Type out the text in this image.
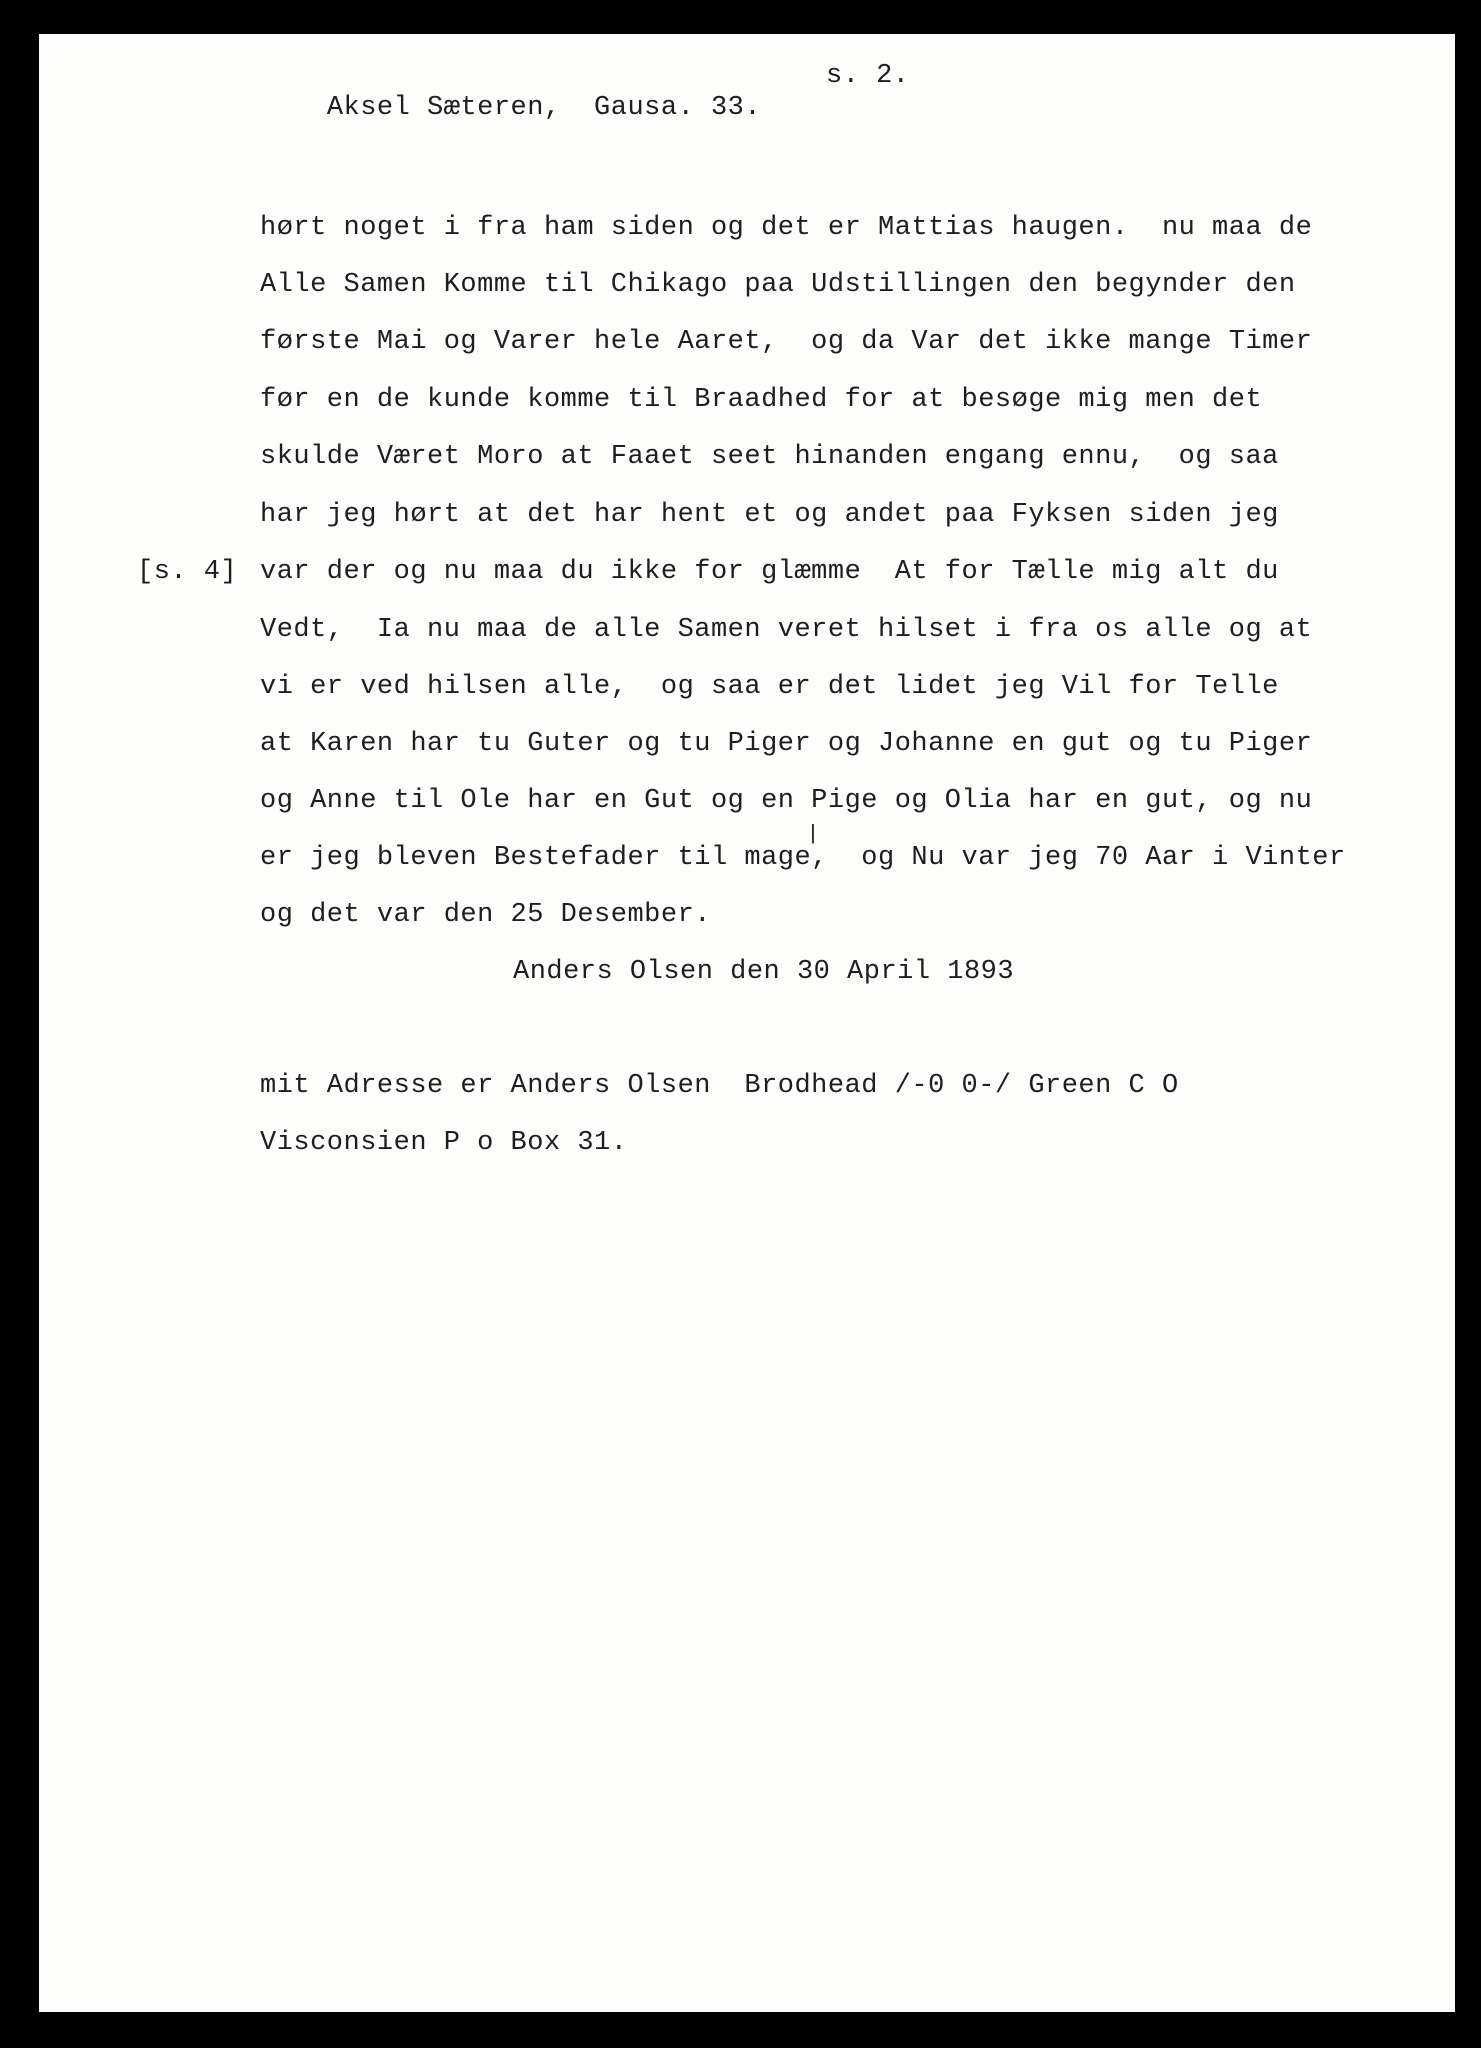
Aksel Sæteren,  Gausa. 33.

s. 2.

hørt noget i fra ham siden og det er Mattias haugen.  nu maa de
Alle Samen Komme til Chikago paa Udstillingen den begynder den
første Mai og Varer hele Aaret,  og da Var det ikke mange Timer
før en de kunde komme til Braadhed for at besøge mig men det
skulde Været Moro at Faaet seet hinanden engang ennu,  og saa
har jeg hørt at det har hent et og andet paa Fyksen siden jeg
[s. 4] var der og nu maa du ikke for glæmme  At for Tælle mig alt du
Vedt,  Ia nu maa de alle Samen veret hilset i fra os alle og at
vi er ved hilsen alle,  og saa er det lidet jeg Vil for Telle
at Karen har tu Guter og tu Piger og Johanne en gut og tu Piger
og Anne til Ole har en Gut og en Pige og Olia har en gut, og nu
ǀ
er jeg bleven Bestefader til mage,  og Nu var jeg 70 Aar i Vinter
og det var den 25 Desember.
Anders Olsen den 30 April 1893
mit Adresse er Anders Olsen  Brodhead /-0 0-/ Green C O
Visconsien P o Box 31.
